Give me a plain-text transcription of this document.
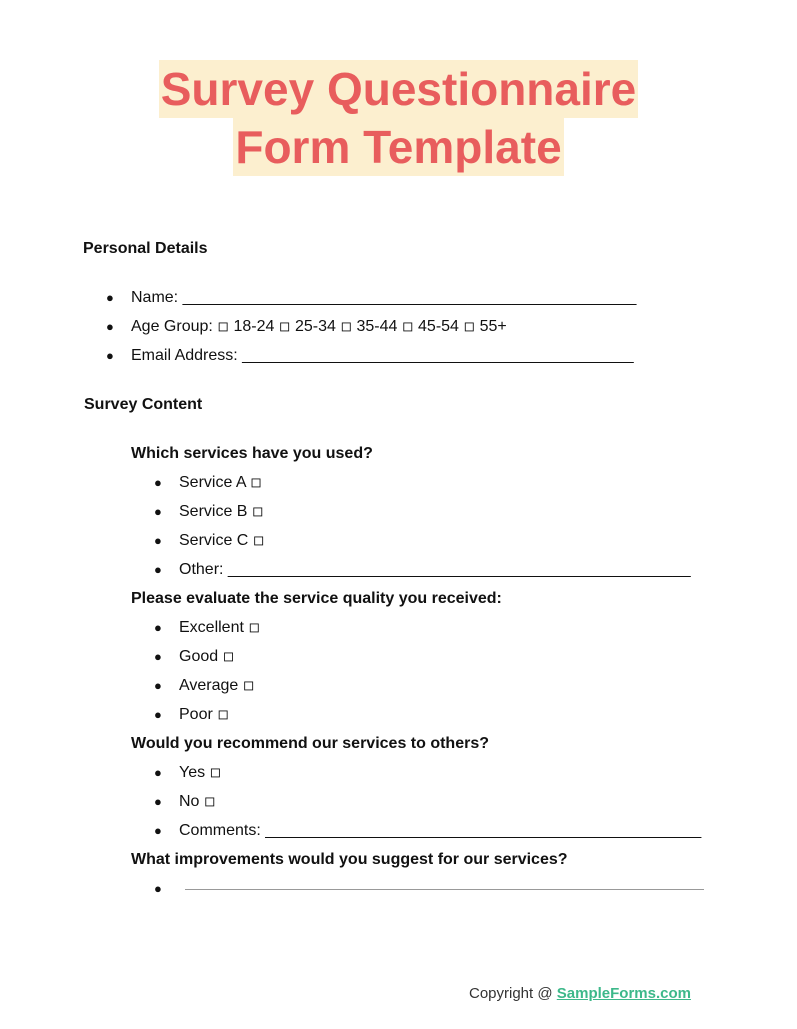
Survey Questionnaire
Form Template
Personal Details
● Name: ___________________________________________________
● Age Group: ◽ 18-24 ◽ 25-34 ◽ 35-44 ◽ 45-54 ◽ 55+
● Email Address: ____________________________________________
Survey Content
Which services have you used?
● Service A ◽
● Service B ◽
● Service C ◽
● Other: ____________________________________________________
Please evaluate the service quality you received:
● Excellent ◽
● Good ◽
● Average ◽
● Poor ◽
Would you recommend our services to others?
● Yes ◽
● No ◽
● Comments: _________________________________________________
What improvements would you suggest for our services?
●
Copyright @ SampleForms.com
